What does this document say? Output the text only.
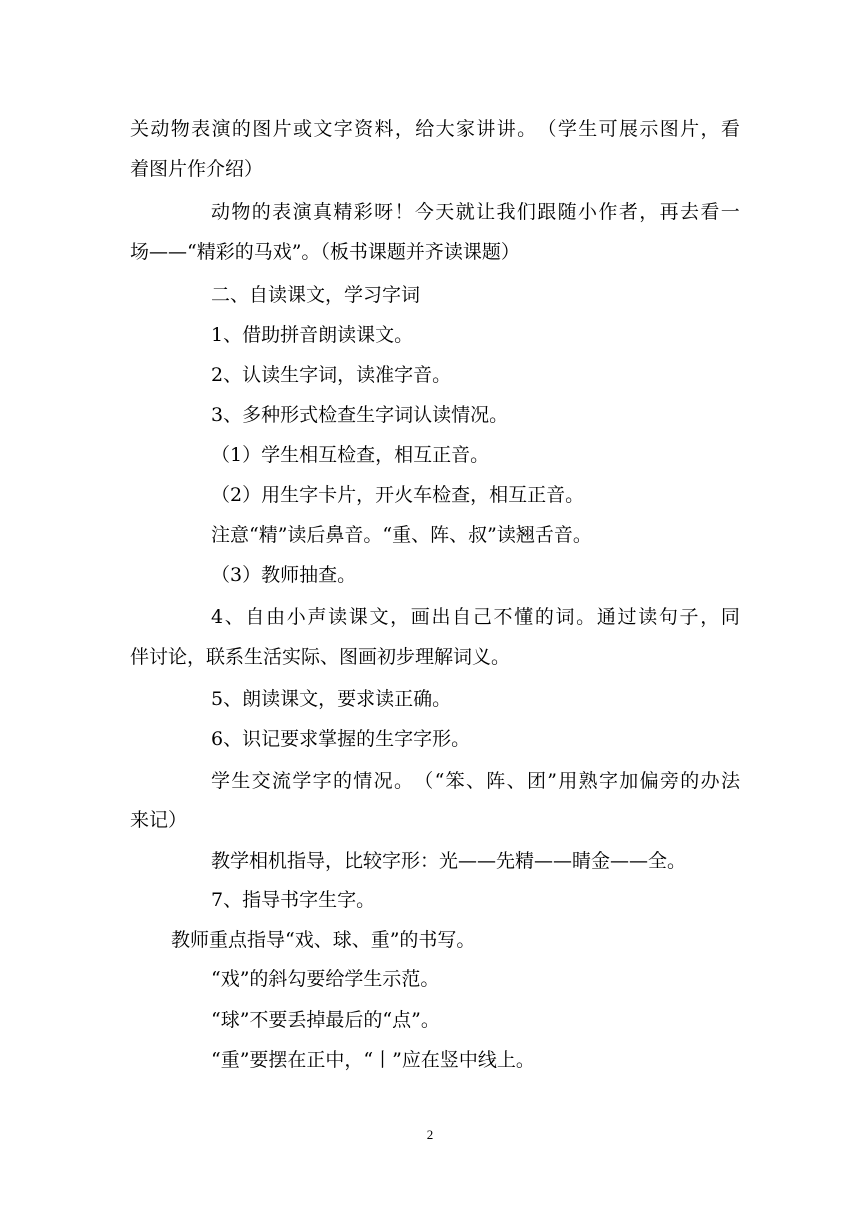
关 动 物 表 演 的 图 片 或 文 字 资 料 ， 给 大 家 讲 讲 。 （ 学 生 可 展 示 图 片 ， 看
着图片作介绍）
动 物 的 表 演 真 精 彩 呀 ！ 今 天 就 让 我 们 跟 随 小 作 者 ， 再 去 看 一
场——“精彩的马戏”。（板书课题并齐读课题）
二、自读课文，学习字词
1、借助拼音朗读课文。
2、认读生字词，读准字音。
3、多种形式检查生字词认读情况。
（1）学生相互检查，相互正音。
（2）用生字卡片，开火车检查，相互正音。
注意“精”读后鼻音。“重、阵、叔”读翘舌音。
（3）教师抽查。
4 、 自 由 小 声 读 课 文 ， 画 出 自 己 不 懂 的 词 。 通 过 读 句 子 ， 同
伴讨论，联系生活实际、图画初步理解词义。
5、朗读课文，要求读正确。
6、识记要求掌握的生字字形。
学 生 交 流 学 字 的 情 况 。 （ “ 笨 、 阵 、 团 ” 用 熟 字 加 偏 旁 的 办 法
来记）
教学相机指导，比较字形：光——先精——睛金——全。
7、指导书字生字。
教师重点指导“戏、球、重”的书写。
“戏”的斜勾要给学生示范。
“球”不要丢掉最后的“点”。
“重”要摆在正中，“丨”应在竖中线上。
2
